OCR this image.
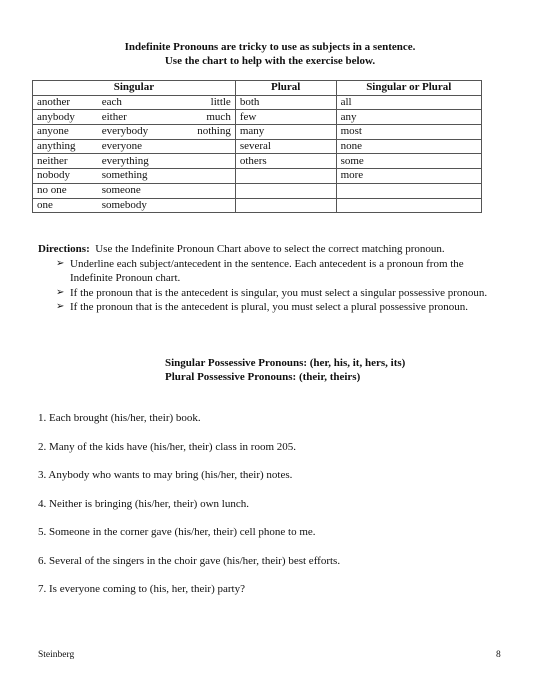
Indefinite Pronouns are tricky to use as subjects in a sentence.
Use the chart to help with the exercise below.
Singular			Plural	Singular or Plural
another	each	little	both	all
anybody	either	much	few	any
anyone	everybody	nothing	many	most
anything	everyone		several	none
neither	everything		others	some
nobody	something			more
no one	someone			
one	somebody			
Directions: Use the Indefinite Pronoun Chart above to select the correct matching pronoun.
➢ Underline each subject/antecedent in the sentence. Each antecedent is a pronoun from the Indefinite Pronoun chart.
➢ If the pronoun that is the antecedent is singular, you must select a singular possessive pronoun.
➢ If the pronoun that is the antecedent is plural, you must select a plural possessive pronoun.
Singular Possessive Pronouns: (her, his, it, hers, its)
Plural Possessive Pronouns: (their, theirs)
1. Each brought (his/her, their) book.
2. Many of the kids have (his/her, their) class in room 205.
3. Anybody who wants to may bring (his/her, their) notes.
4. Neither is bringing (his/her, their) own lunch.
5. Someone in the corner gave (his/her, their) cell phone to me.
6. Several of the singers in the choir gave (his/her, their) best efforts.
7. Is everyone coming to (his, her, their) party?
Steinberg	8
